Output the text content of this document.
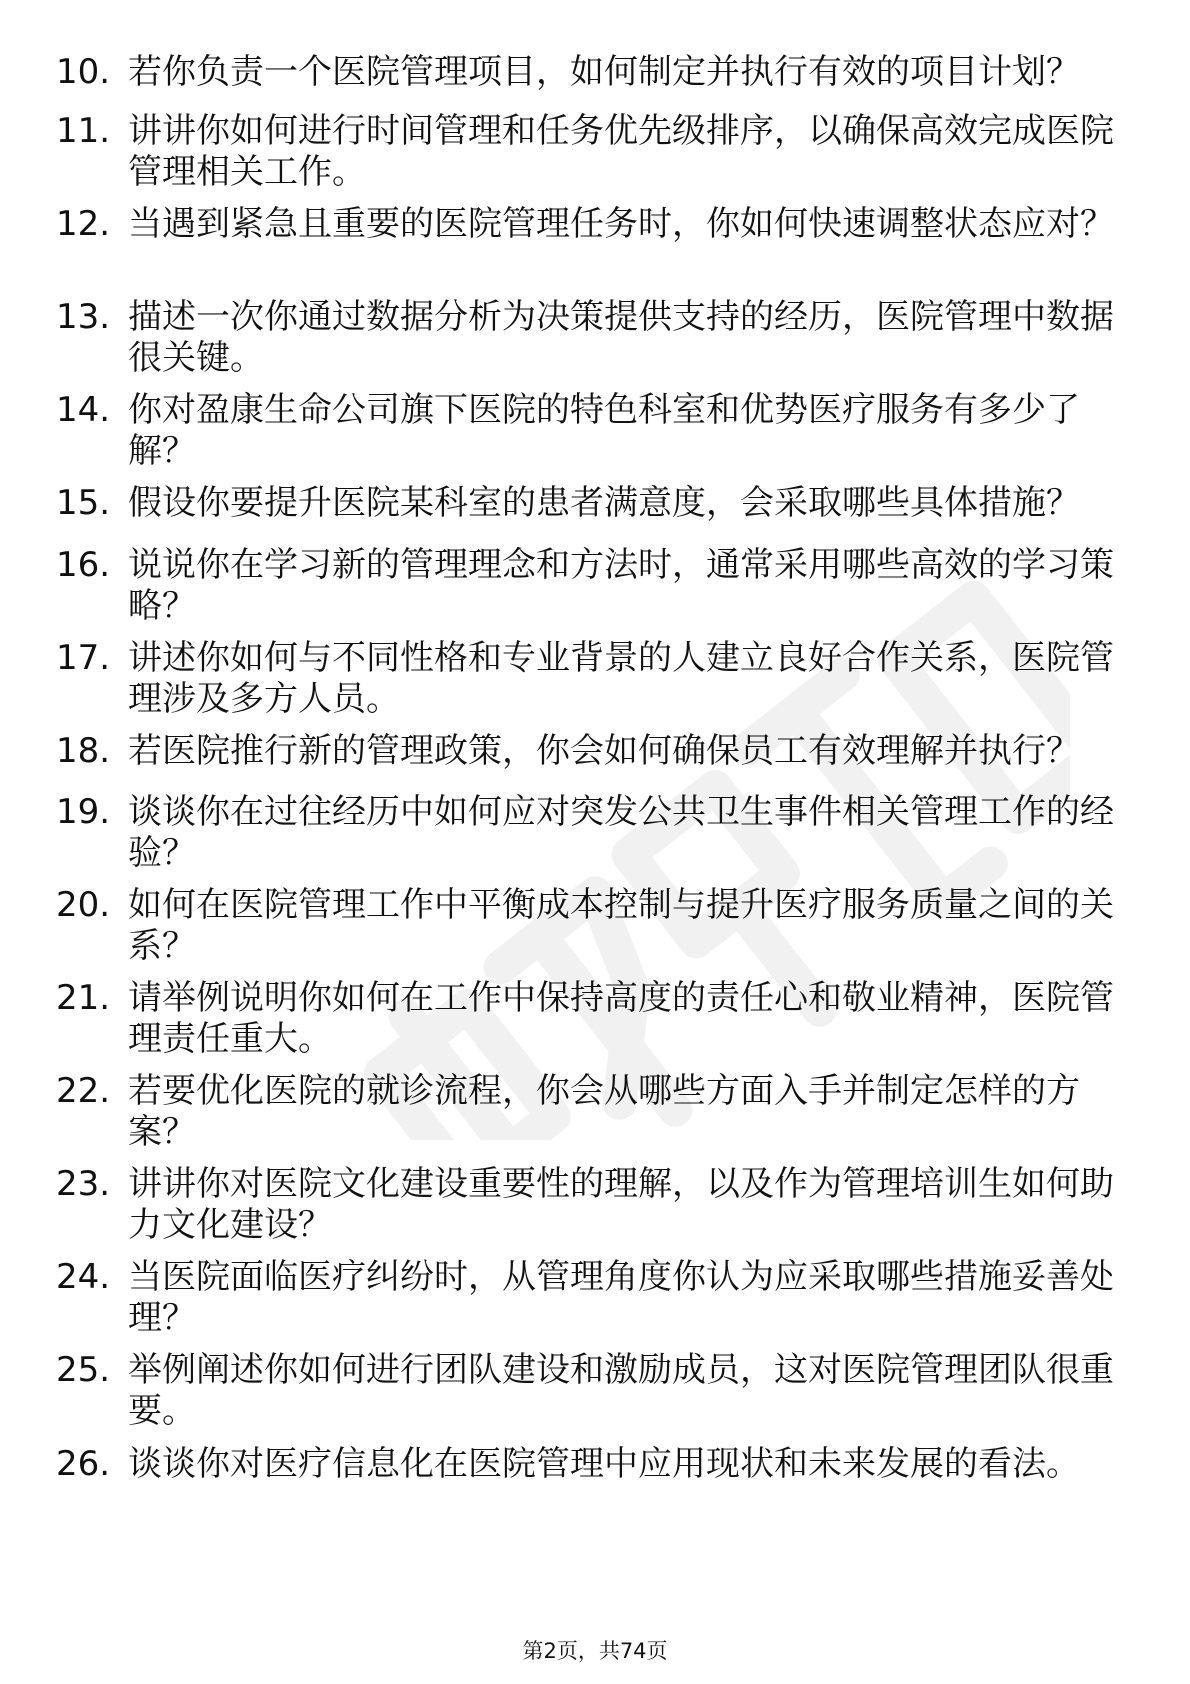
10. 若你负责一个医院管理项目，如何制定并执行有效的项目计划？
11. 讲讲你如何进行时间管理和任务优先级排序，以确保高效完成医院管理相关工作。
12. 当遇到紧急且重要的医院管理任务时，你如何快速调整状态应对？
13. 描述一次你通过数据分析为决策提供支持的经历，医院管理中数据很关键。
14. 你对盈康生命公司旗下医院的特色科室和优势医疗服务有多少了解？
15. 假设你要提升医院某科室的患者满意度，会采取哪些具体措施？
16. 说说你在学习新的管理理念和方法时，通常采用哪些高效的学习策略？
17. 讲述你如何与不同性格和专业背景的人建立良好合作关系，医院管理涉及多方人员。
18. 若医院推行新的管理政策，你会如何确保员工有效理解并执行？
19. 谈谈你在过往经历中如何应对突发公共卫生事件相关管理工作的经验？
20. 如何在医院管理工作中平衡成本控制与提升医疗服务质量之间的关系？
21. 请举例说明你如何在工作中保持高度的责任心和敬业精神，医院管理责任重大。
22. 若要优化医院的就诊流程，你会从哪些方面入手并制定怎样的方案？
23. 讲讲你对医院文化建设重要性的理解，以及作为管理培训生如何助力文化建设？
24. 当医院面临医疗纠纷时，从管理角度你认为应采取哪些措施妥善处理？
25. 举例阐述你如何进行团队建设和激励成员，这对医院管理团队很重要。
26. 谈谈你对医疗信息化在医院管理中应用现状和未来发展的看法。
第2页，共74页
